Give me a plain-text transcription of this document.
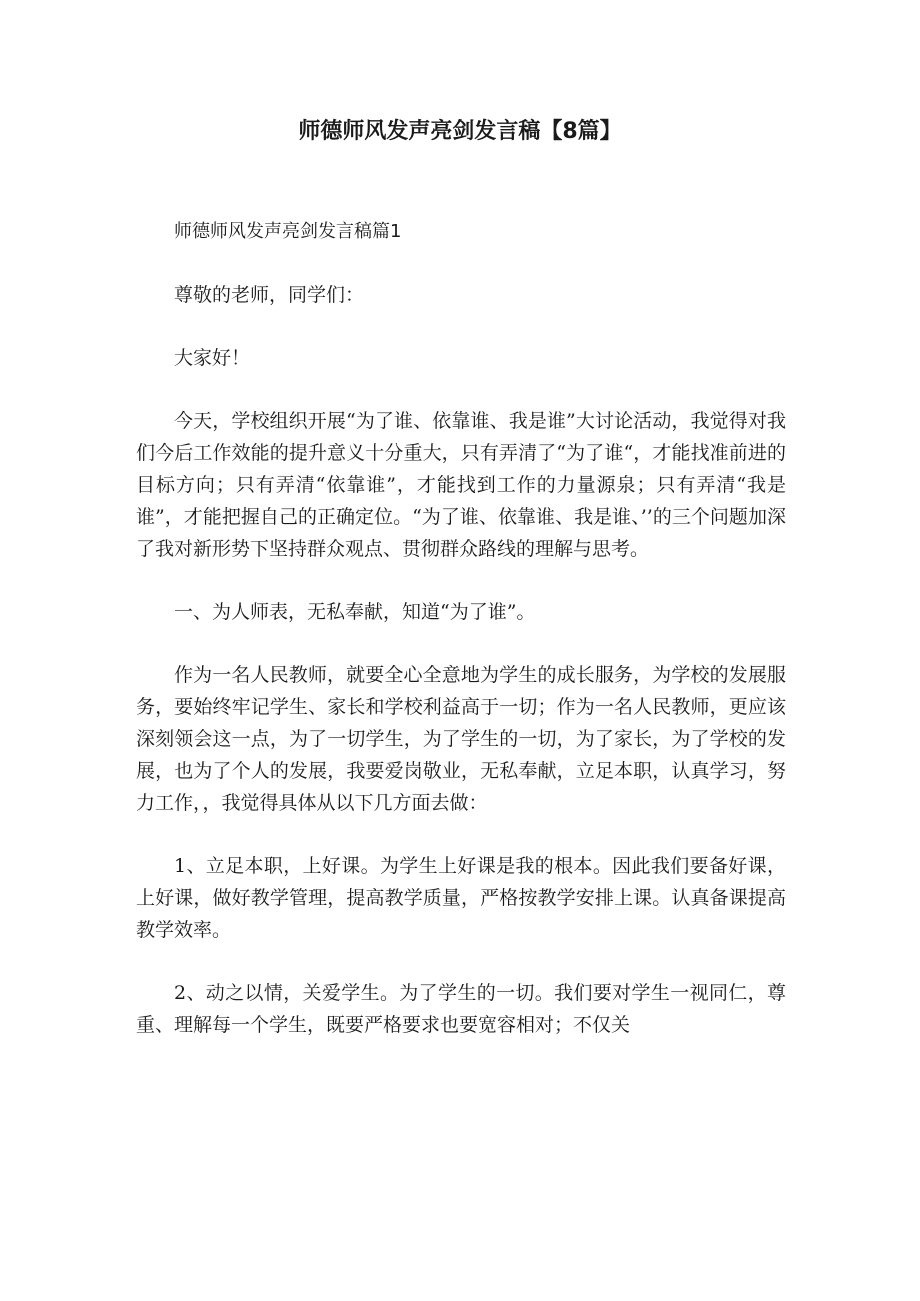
师德师风发声亮剑发言稿【8篇】

师德师风发声亮剑发言稿篇1

尊敬的老师，同学们：

大家好！

今天，学校组织开展“为了谁、依靠谁、我是谁”大讨论活动，我觉得对我们今后工作效能的提升意义十分重大，只有弄清了“为了谁“，才能找准前进的目标方向；只有弄清“依靠谁”，才能找到工作的力量源泉；只有弄清“我是谁”，才能把握自己的正确定位。“为了谁、依靠谁、我是谁、’’的三个问题加深了我对新形势下坚持群众观点、贯彻群众路线的理解与思考。

一、为人师表，无私奉献，知道“为了谁”。

作为一名人民教师，就要全心全意地为学生的成长服务，为学校的发展服务，要始终牢记学生、家长和学校利益高于一切；作为一名人民教师，更应该深刻领会这一点，为了一切学生，为了学生的一切，为了家长，为了学校的发展，也为了个人的发展，我要爱岗敬业，无私奉献，立足本职，认真学习，努力工作，，我觉得具体从以下几方面去做：

1、立足本职，上好课。为学生上好课是我的根本。因此我们要备好课，上好课，做好教学管理，提高教学质量，严格按教学安排上课。认真备课提高教学效率。

2、动之以情，关爱学生。为了学生的一切。我们要对学生一视同仁，尊重、理解每一个学生，既要严格要求也要宽容相对；不仅关
